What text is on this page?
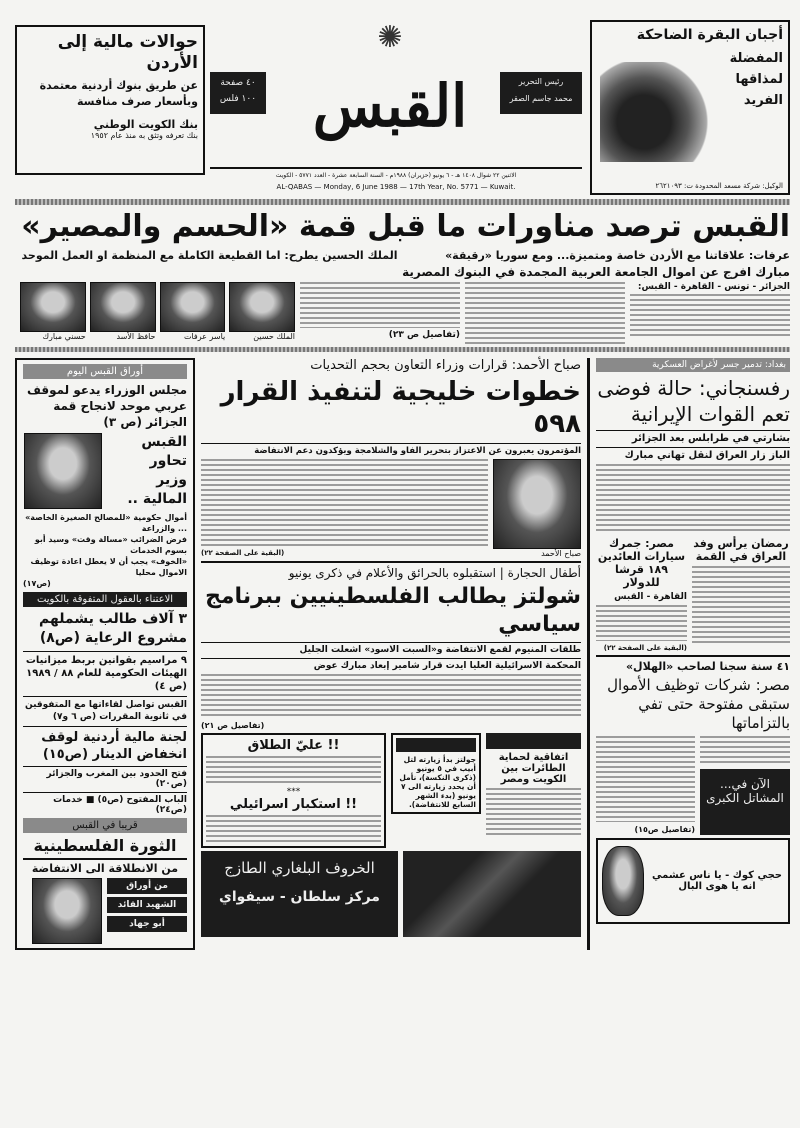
حوالات مالية إلى الأردن
عن طريق بنوك أردنية معتمدة
وبأسعار صرف منافسة
بنك الكويت الوطني
بنك تعرفه وتثق به منذ عام ١٩٥٢
٤٠ صفحة
١٠٠ فلس
✺
القبس	رئيس التحرير
محمد جاسم الصقر
الاثنين ٢٢ شوال ١٤٠٨ هـ - ٦ يونيو (حزيران) ١٩٨٨م - السنة السابعة عشرة - العدد ٥٧٧١ - الكويت
AL-QABAS — Monday, 6 June 1988 — 17th Year, No. 5771 — Kuwait.
أجبان البقرة الضاحكة
المفضلة
لمذاقها
الفريد
الوكيل: شركة مسعد المحدودة ت: ٢٦٢١٠٩٣
القبس ترصد مناورات ما قبل قمة «الحسم والمصير»
عرفات: علاقاتنا مع الأردن خاصة ومتميزة... ومع سوريا «رقيقة»
الملك الحسين يطرح: اما القطيعة الكاملة مع المنظمة او العمل الموحد
مبارك افرج عن اموال الجامعة العربية المجمدة في البنوك المصرية
الجزائر - تونس - القاهرة - القبس:
(تفاصيل ص ٢٣)
الملك حسين
ياسر عرفات
حافظ الأسد
حسني مبارك
بغداد: تدمير جسر لأغراض العسكرية
رفسنجاني: حالة فوضى تعم القوات الإيرانية
بشارتي في طرابلس بعد الجزائر
الباز زار العراق لنقل تهاني مبارك
رمضان يرأس وفد العراق في القمة
مصر: جمرك سيارات العائدين ١٨٩ قرشا للدولار
القاهرة - القبس
(البقية على الصفحة ٢٢)
٤١ سنة سجنا لصاحب «الهلال»
مصر: شركات توظيف الأموال ستبقى مفتوحة حتى تفي بالتزاماتها
الآن في... المشاتل الكبرى
(تفاصيل ص١٥)
حجي كوك - يا ناس عشمي انه يا هوى البال
صباح الأحمد: قرارات وزراء التعاون بحجم التحديات
خطوات خليجية لتنفيذ القرار ٥٩٨
المؤتمرون يعبرون عن الاعتزاز بتحرير الفاو والشلامجة ويؤكدون دعم الانتفاضة
صباح الأحمد
(البقية على الصفحة ٢٢)
أطفال الحجارة | استقبلوه بالحرائق والأعلام في ذكرى يونيو
شولتز يطالب الفلسطينيين ببرنامج سياسي
طلقات المنيوم لقمع الانتفاضة و«السبت الاسود» اشعلت الجليل
المحكمة الاسرائيلية العليا ايدت قرار شامير إبعاد مبارك عوض
(تفاصيل ص ٢١)
اتفاقية لحماية الطائرات بين الكويت ومصر
جولتز بدأ زيارته لتل أبيب في ٥ يونيو (ذكرى النكسة)، نأمل أن يحدد زيارته الى ٧ يونيو (بدء الشهر السابع للانتفاضة).
عليّ الطلاق !!
***
استكبار اسرائيلي !!
الخروف البلغاري الطازج
مركز سلطان - سيفواي
أوراق القبس اليوم
مجلس الوزراء يدعو لموقف عربي موحد لانجاح قمة الجزائر (ص ٣)
القبس
تحاور
وزير
المالية ..
أموال حكومية «للمصالح الصغيرة الخاصة» ... والزراعة
فرض الضرائب «مسالة وقت» وسيد أبو بسوم الخدمات
«الخوف» يجب أن لا يعطل اعادة توظيف الاموال محليا
(ص١٧)
الاعتناء بالعقول المتفوقة بالكويت
٣ آلاف طالب يشملهم مشروع الرعاية (ص٨)
٩ مراسيم بقوانين بربط ميزانيات الهيئات الحكومية للعام ٨٨ / ١٩٨٩ (ص ٤)
القبس تواصل لقاءاتها مع المتفوقين في ثانوية المقررات (ص ٦ و٧)
لجنة مالية أردنية لوقف انخفاض الدينار (ص١٥)
فتح الحدود بين المغرب والجزائر (ص٢٠)
الباب المفتوح (ص٥) ■ خدمات (ص٢٤)
قريبا في القبس
الثورة الفلسطينية
من الانطلاقة الى الانتفاضة
من أوراق
الشهيد القائد
أبو جهاد
